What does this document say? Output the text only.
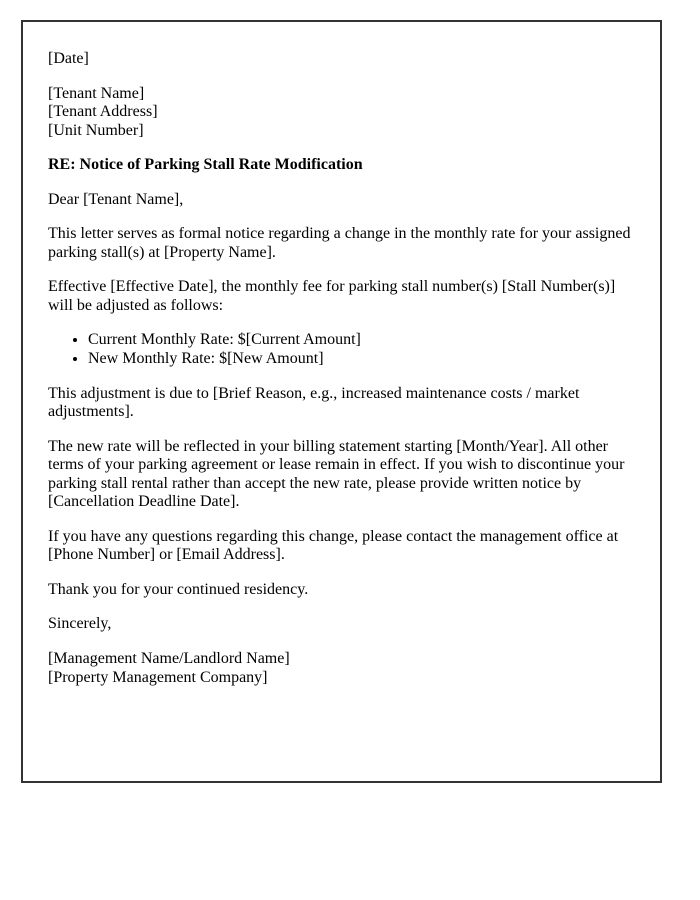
[Date]

[Tenant Name]
[Tenant Address]
[Unit Number]

RE: Notice of Parking Stall Rate Modification

Dear [Tenant Name],

This letter serves as formal notice regarding a change in the monthly rate for your assigned parking stall(s) at [Property Name].

Effective [Effective Date], the monthly fee for parking stall number(s) [Stall Number(s)] will be adjusted as follows:

• Current Monthly Rate: $[Current Amount]
• New Monthly Rate: $[New Amount]

This adjustment is due to [Brief Reason, e.g., increased maintenance costs / market adjustments].

The new rate will be reflected in your billing statement starting [Month/Year]. All other terms of your parking agreement or lease remain in effect. If you wish to discontinue your parking stall rental rather than accept the new rate, please provide written notice by [Cancellation Deadline Date].

If you have any questions regarding this change, please contact the management office at [Phone Number] or [Email Address].

Thank you for your continued residency.

Sincerely,

[Management Name/Landlord Name]
[Property Management Company]
